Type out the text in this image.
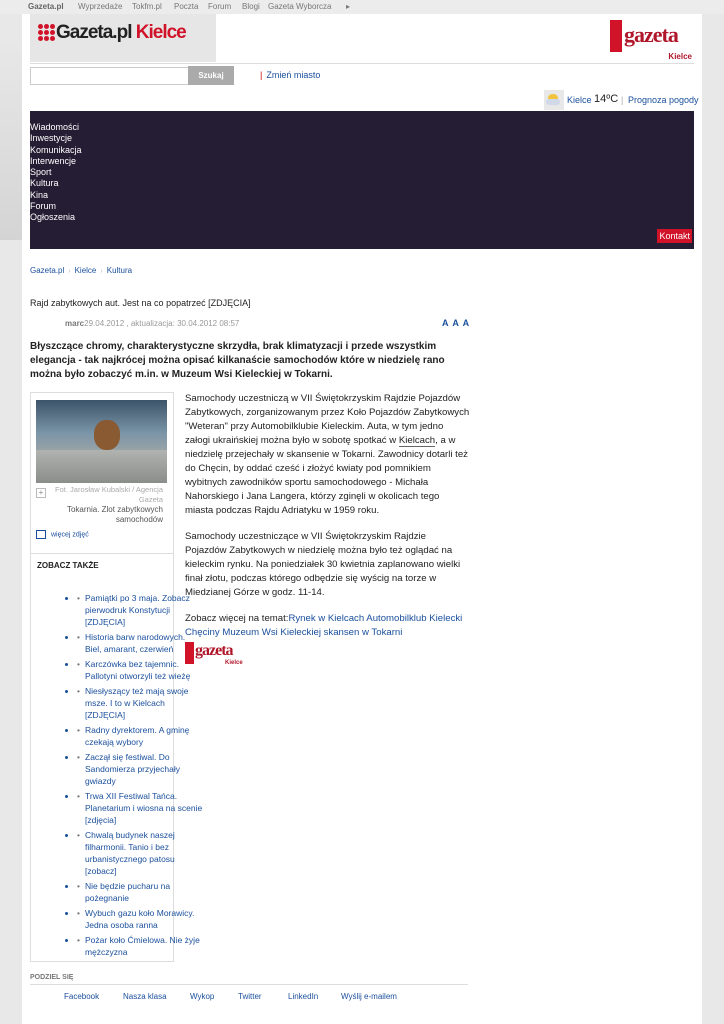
Gazeta.pl Wyprzedaże Tokfm.pl Poczta Forum Blogi Gazeta Wyborcza ▸
Gazeta.pl Kielce	gazeta
Kielce
Szukaj	| Zmień miasto
Kielce 14ºC | Prognoza pogody
Wiadomości
Inwestycje
Komunikacja
Interwencje
Sport
Kultura
Kina
Forum
Ogłoszenia
Kontakt
Gazeta.pl › Kielce › Kultura
Rajd zabytkowych aut. Jest na co popatrzeć [ZDJĘCIA]
marc29.04.2012 , aktualizacja: 30.04.2012 08:57	A A A
Błyszczące chromy, charakterystyczne skrzydła, brak klimatyzacji i przede wszystkim elegancja - tak najkrócej można opisać kilkanaście samochodów które w niedzielę rano można było zobaczyć m.in. w Muzeum Wsi Kieleckiej w Tokarni.
+	Fot. Jarosław Kubalski / Agencja Gazeta
Tokarnia. Zlot zabytkowych samochodów
więcej zdjęć
ZOBACZ TAKŻE
• • Pamiątki po 3 maja. Zobacz pierwodruk Konstytucji [ZDJĘCIA]
• • Historia barw narodowych. Biel, amarant, czerwień
• • Karczówka bez tajemnic. Pallotyni otworzyli też wieżę
• • Niesłyszący też mają swoje msze. I to w Kielcach [ZDJĘCIA]
• • Radny dyrektorem. A gminę czekają wybory
• • Zaczął się festiwal. Do Sandomierza przyjechały gwiazdy
• • Trwa XII Festiwal Tańca. Planetarium i wiosna na scenie [zdjęcia]
• • Chwalą budynek naszej filharmonii. Tanio i bez urbanistycznego patosu [zobacz]
• • Nie będzie pucharu na pożegnanie
• • Wybuch gazu koło Morawicy. Jedna osoba ranna
• • Pożar koło Ćmielowa. Nie żyje mężczyzna

Samochody uczestniczą w VII Świętokrzyskim Rajdzie Pojazdów Zabytkowych, zorganizowanym przez Koło Pojazdów Zabytkowych "Weteran" przy Automobilklubie Kieleckim. Auta, w tym jedno załogi ukraińskiej można było w sobotę spotkać w Kielcach, a w niedzielę przejechały w skansenie w Tokarni. Zawodnicy dotarli też do Chęcin, by oddać cześć i złożyć kwiaty pod pomnikiem wybitnych zawodników sportu samochodowego - Michała Nahorskiego i Jana Langera, którzy zginęli w okolicach tego miasta podczas Rajdu Adriatyku w 1959 roku.

Samochody uczestniczące w VII Świętokrzyskim Rajdzie Pojazdów Zabytkowych w niedzielę można było też oglądać na kieleckim rynku. Na poniedziałek 30 kwietnia zaplanowano wielki finał złotu, podczas którego odbędzie się wyścig na torze w Miedzianej Górze w godz. 11-14.

Zobacz więcej na temat:Rynek w Kielcach Automobilklub Kielecki Chęciny Muzeum Wsi Kieleckiej skansen w Tokarni

gazeta
Kielce
PODZIEL SIĘ
Facebook	Nasza klasa	Wykop	Twitter	LinkedIn	Wyślij e-mailem
